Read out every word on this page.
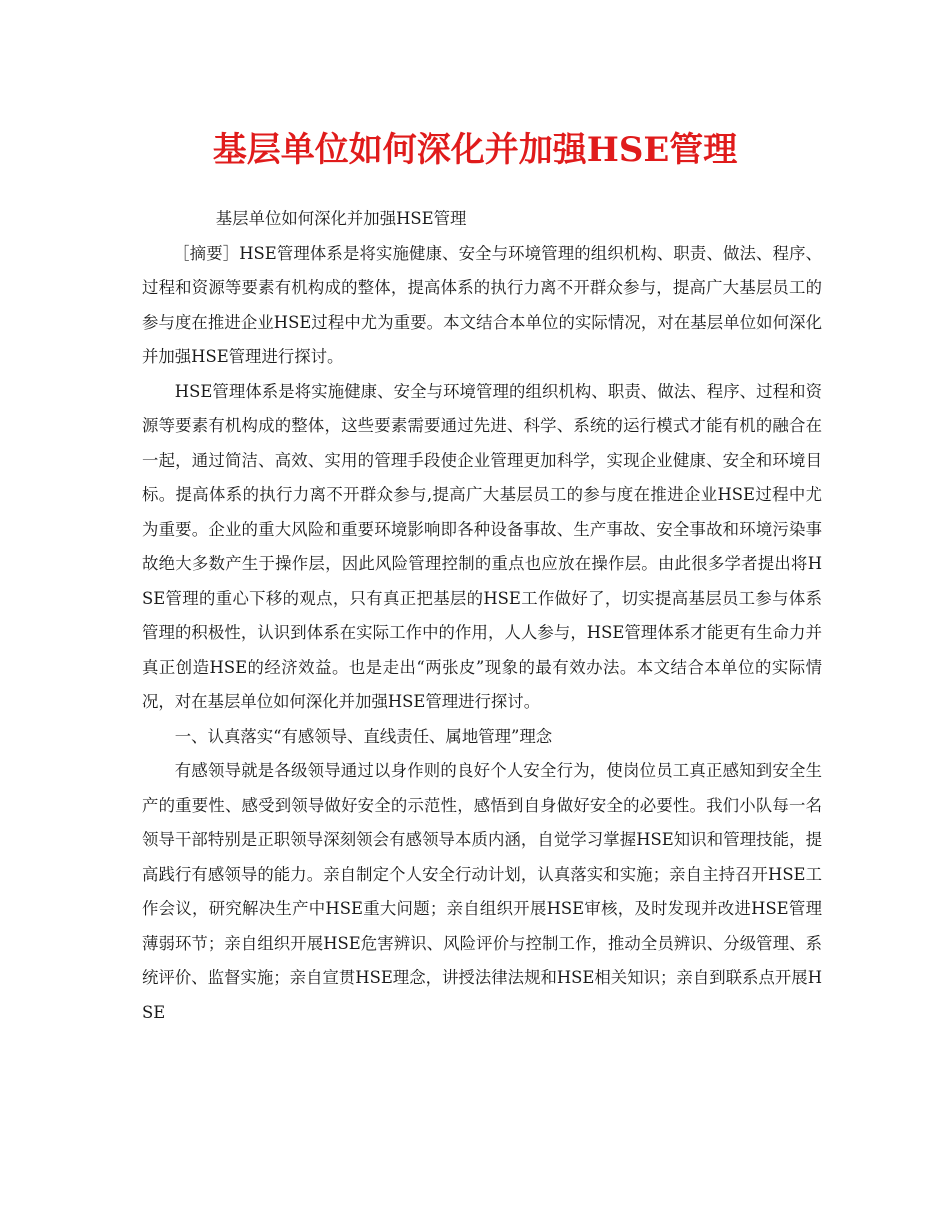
基层单位如何深化并加强HSE管理

基层单位如何深化并加强HSE管理

［摘要］HSE管理体系是将实施健康、安全与环境管理的组织机构、职责、做法、程序、过程和资源等要素有机构成的整体，提高体系的执行力离不开群众参与，提高广大基层员工的参与度在推进企业HSE过程中尤为重要。本文结合本单位的实际情况，对在基层单位如何深化并加强HSE管理进行探讨。

HSE管理体系是将实施健康、安全与环境管理的组织机构、职责、做法、程序、过程和资源等要素有机构成的整体，这些要素需要通过先进、科学、系统的运行模式才能有机的融合在一起，通过简洁、高效、实用的管理手段使企业管理更加科学，实现企业健康、安全和环境目标。提高体系的执行力离不开群众参与,提高广大基层员工的参与度在推进企业HSE过程中尤为重要。企业的重大风险和重要环境影响即各种设备事故、生产事故、安全事故和环境污染事故绝大多数产生于操作层，因此风险管理控制的重点也应放在操作层。由此很多学者提出将HSE管理的重心下移的观点，只有真正把基层的HSE工作做好了，切实提高基层员工参与体系管理的积极性，认识到体系在实际工作中的作用，人人参与，HSE管理体系才能更有生命力并真正创造HSE的经济效益。也是走出“两张皮”现象的最有效办法。本文结合本单位的实际情况，对在基层单位如何深化并加强HSE管理进行探讨。

一、认真落实“有感领导、直线责任、属地管理”理念

有感领导就是各级领导通过以身作则的良好个人安全行为，使岗位员工真正感知到安全生产的重要性、感受到领导做好安全的示范性，感悟到自身做好安全的必要性。我们小队每一名领导干部特别是正职领导深刻领会有感领导本质内涵，自觉学习掌握HSE知识和管理技能，提高践行有感领导的能力。亲自制定个人安全行动计划，认真落实和实施；亲自主持召开HSE工作会议，研究解决生产中HSE重大问题；亲自组织开展HSE审核，及时发现并改进HSE管理薄弱环节；亲自组织开展HSE危害辨识、风险评价与控制工作，推动全员辨识、分级管理、系统评价、监督实施；亲自宣贯HSE理念，讲授法律法规和HSE相关知识；亲自到联系点开展HSE
